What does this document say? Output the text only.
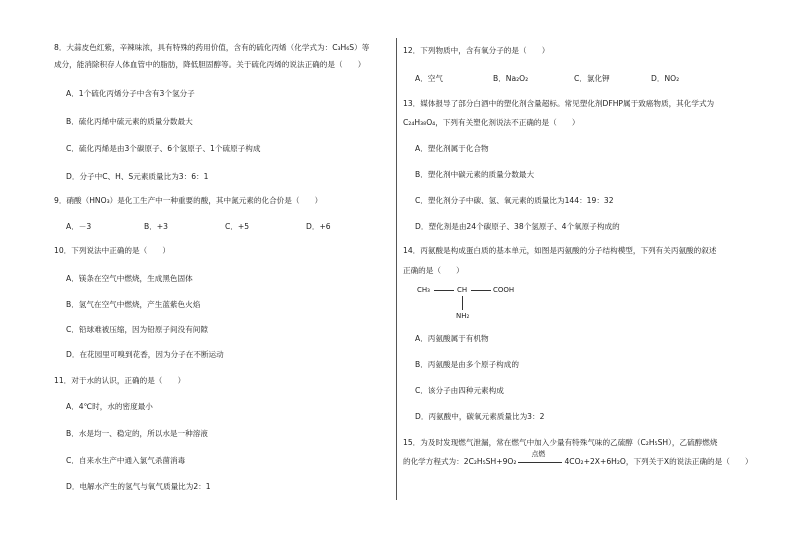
8．大蒜皮色红紫，辛辣味浓，具有特殊的药用价值，含有的硫化丙烯（化学式为：C₃H₆S）等
成分，能消除积存人体血管中的脂肪，降低胆固醇等。关于硫化丙烯的说法正确的是（　　）
A．1个硫化丙烯分子中含有3个氢分子
B．硫化丙烯中硫元素的质量分数最大
C．硫化丙烯是由3个碳原子、6个氢原子、1个硫原子构成
D．分子中C、H、S元素质量比为3：6：1
9．硝酸（HNO₃）是化工生产中一种重要的酸，其中氮元素的化合价是（　　）
A．－3	B．+3	C．+5	D．+6
10．下列说法中正确的是（　　）
A．镁条在空气中燃烧，生成黑色固体
B．氢气在空气中燃烧，产生蓝紫色火焰
C．铅球难被压缩，因为铅原子间没有间隙
D．在花园里可嗅到花香，因为分子在不断运动
11．对于水的认识，正确的是（　　）
A．4℃时，水的密度最小
B．水是均一、稳定的，所以水是一种溶液
C．自来水生产中通入氯气杀菌消毒
D．电解水产生的氢气与氧气质量比为2：1
12．下列物质中，含有氧分子的是（　　）
A．空气	B．Na₂O₂	C．氯化钾	D．NO₂
13．媒体报导了部分白酒中的塑化剂含量超标。常见塑化剂DFHP属于致癌物质，其化学式为
C₂₄H₃₈O₄，下列有关塑化剂说法不正确的是（　　）
A．塑化剂属于化合物
B．塑化剂中碳元素的质量分数最大
C．塑化剂分子中碳、氢、氧元素的质量比为144：19：32
D．塑化剂是由24个碳原子、38个氢原子、4个氧原子构成的
14．丙氨酸是构成蛋白质的基本单元，如图是丙氨酸的分子结构模型，下列有关丙氨酸的叙述
正确的是（　　）
CH₃	CH	COOH
NH₂
A．丙氨酸属于有机物
B．丙氨酸是由多个原子构成的
C．该分子由四种元素构成
D．丙氨酸中，碳氧元素质量比为3：2
15．为及时发现燃气泄漏，常在燃气中加入少量有特殊气味的乙硫醇（C₂H₅SH），乙硫醇燃烧
的化学方程式为：2C₂H₅SH+9O₂
点燃
4CO₂+2X+6H₂O，下列关于X的说法正确的是（　　）
